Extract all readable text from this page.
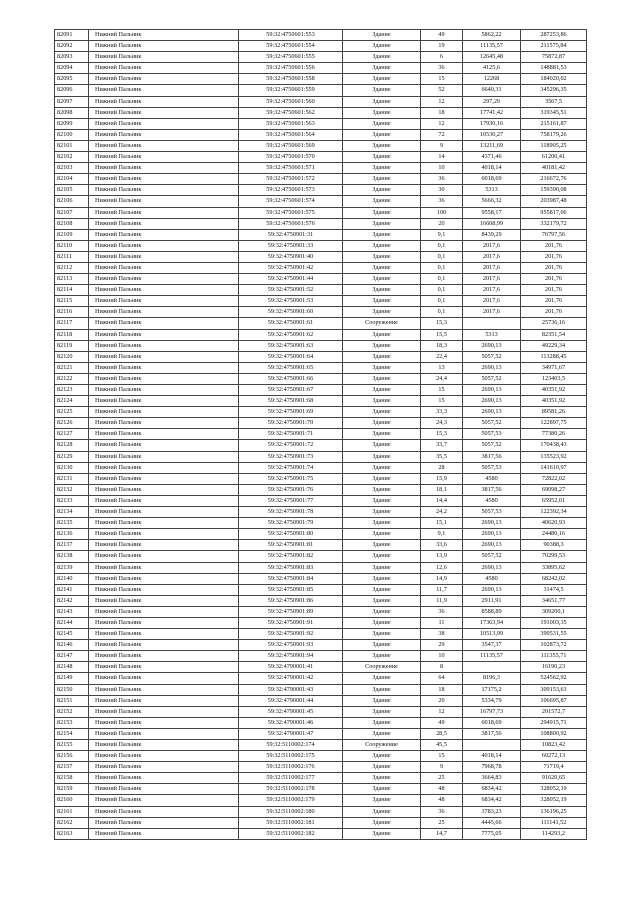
82091	Нижний Пальник	59:32:4750601:553	Здание	49	5862,22	287253,86
82092	Нижний Пальник	59:32:4750601:554	Здание	19	11135,57	211575,84
82093	Нижний Пальник	59:32:4750601:555	Здание	6	12645,48	75872,87
82094	Нижний Пальник	59:32:4750601:556	Здание	36	4125,6	148881,53
82095	Нижний Пальник	59:32:4750601:558	Здание	15	12268	184020,02
82096	Нижний Пальник	59:32:4750601:559	Здание	52	6640,31	345296,35
82097	Нижний Пальник	59:32:4750601:560	Здание	12	297,29	3567,5
82098	Нижний Пальник	59:32:4750601:562	Здание	18	17741,42	319345,51
82099	Нижний Пальник	59:32:4750601:563	Здание	12	17930,16	215161,87
82100	Нижний Пальник	59:32:4750601:564	Здание	72	10530,27	758179,26
82101	Нижний Пальник	59:32:4750601:569	Здание	9	13211,69	118905,25
82102	Нижний Пальник	59:32:4750601:570	Здание	14	4371,46	61200,41
82103	Нижний Пальник	59:32:4750601:571	Здание	10	4018,14	40181,42
82104	Нижний Пальник	59:32:4750601:572	Здание	36	6018,69	216672,76
82105	Нижний Пальник	59:32:4750601:573	Здание	30	5313	159390,08
82106	Нижний Пальник	59:32:4750601:574	Здание	36	5666,32	203987,48
82107	Нижний Пальник	59:32:4750601:575	Здание	100	9558,17	955817,06
82108	Нижний Пальник	59:32:4750601:576	Здание	20	16608,99	332179,72
82109	Нижний Пальник	59:32:4750901:31	Здание	9,1	8439,29	76797,56
82110	Нижний Пальник	59:32:4750901:33	Здание	0,1	2017,6	201,76
82111	Нижний Пальник	59:32:4750901:40	Здание	0,1	2017,6	201,76
82112	Нижний Пальник	59:32:4750901:42	Здание	0,1	2017,6	201,76
82113	Нижний Пальник	59:32:4750901:44	Здание	0,1	2017,6	201,76
82114	Нижний Пальник	59:32:4750901:52	Здание	0,1	2017,6	201,76
82115	Нижний Пальник	59:32:4750901:53	Здание	0,1	2017,6	201,76
82116	Нижний Пальник	59:32:4750901:60	Здание	0,1	2017,6	201,76
82117	Нижний Пальник	59:32:4750901:61	Сооружение	15,3		25736,16
82118	Нижний Пальник	59:32:4750901:62	Здание	15,5	5313	82351,54
82119	Нижний Пальник	59:32:4750901:63	Здание	18,3	2690,13	49229,34
82120	Нижний Пальник	59:32:4750901:64	Здание	22,4	5057,52	113288,45
82121	Нижний Пальник	59:32:4750901:65	Здание	13	2690,13	34971,67
82122	Нижний Пальник	59:32:4750901:66	Здание	24,4	5057,52	123403,5
82123	Нижний Пальник	59:32:4750901:67	Здание	15	2690,13	40351,92
82124	Нижний Пальник	59:32:4750901:68	Здание	15	2690,13	40351,92
82125	Нижний Пальник	59:32:4750901:69	Здание	33,3	2690,13	89581,26
82126	Нижний Пальник	59:32:4750901:70	Здание	24,3	5057,52	122897,75
82127	Нижний Пальник	59:32:4750901:71	Здание	15,3	5057,53	77380,26
82128	Нижний Пальник	59:32:4750901:72	Здание	33,7	5057,52	170438,43
82129	Нижний Пальник	59:32:4750901:73	Здание	35,5	3817,56	135523,92
82130	Нижний Пальник	59:32:4750901:74	Здание	28	5057,53	141610,97
82131	Нижний Пальник	59:32:4750901:75	Здание	15,9	4580	72822,02
82132	Нижний Пальник	59:32:4750901:76	Здание	18,1	3817,56	69098,27
82133	Нижний Пальник	59:32:4750901:77	Здание	14,4	4580	65952,01
82134	Нижний Пальник	59:32:4750901:78	Здание	24,2	5057,53	122392,34
82135	Нижний Пальник	59:32:4750901:79	Здание	15,1	2690,13	40620,93
82136	Нижний Пальник	59:32:4750901:80	Здание	9,1	2690,13	24480,16
82137	Нижний Пальник	59:32:4750901:81	Здание	33,6	2690,13	90388,3
82138	Нижний Пальник	59:32:4750901:82	Здание	13,9	5057,52	70299,53
82139	Нижний Пальник	59:32:4750901:83	Здание	12,6	2690,13	33895,62
82140	Нижний Пальник	59:32:4750901:84	Здание	14,9	4580	68242,02
82141	Нижний Пальник	59:32:4750901:85	Здание	11,7	2690,13	31474,5
82142	Нижний Пальник	59:32:4750901:86	Здание	11,9	2911,91	34651,77
82143	Нижний Пальник	59:32:4750901:89	Здание	36	8588,89	309200,1
82144	Нижний Пальник	59:32:4750901:91	Здание	11	17363,94	191003,35
82145	Нижний Пальник	59:32:4750901:92	Здание	38	10513,99	399531,55
82146	Нижний Пальник	59:32:4750901:93	Здание	29	3547,37	102873,72
82147	Нижний Пальник	59:32:4750901:94	Здание	10	11135,57	111355,71
82148	Нижний Пальник	59:32:4790001:41	Сооружение	8		16190,23
82149	Нижний Пальник	59:32:4790001:42	Здание	64	8196,3	524562,92
82150	Нижний Пальник	59:32:4790001:43	Здание	18	17175,2	309153,63
82151	Нижний Пальник	59:32:4790001:44	Здание	20	5334,79	106695,87
82152	Нижний Пальник	59:32:4790001:45	Здание	12	16797,73	201572,7
82153	Нижний Пальник	59:32:4790001:46	Здание	49	6018,69	294915,71
82154	Нижний Пальник	59:32:4790001:47	Здание	28,5	3817,56	108800,92
82155	Нижний Пальник	59:32:5110002:174	Сооружение	45,5		10823,42
82156	Нижний Пальник	59:32:5110002:175	Здание	15	4018,14	60272,13
82157	Нижний Пальник	59:32:5110002:176	Здание	9	7968,78	71719,4
82158	Нижний Пальник	59:32:5110002:177	Здание	25	3664,83	91620,65
82159	Нижний Пальник	59:32:5110002:178	Здание	48	6834,42	328052,19
82160	Нижний Пальник	59:32:5110002:179	Здание	48	6834,42	328052,19
82161	Нижний Пальник	59:32:5110002:180	Здание	36	3783,23	136196,25
82162	Нижний Пальник	59:32:5110002:181	Здание	25	4445,66	111141,52
82163	Нижний Пальник	59:32:5110002:182	Здание	14,7	7775,05	114293,2
